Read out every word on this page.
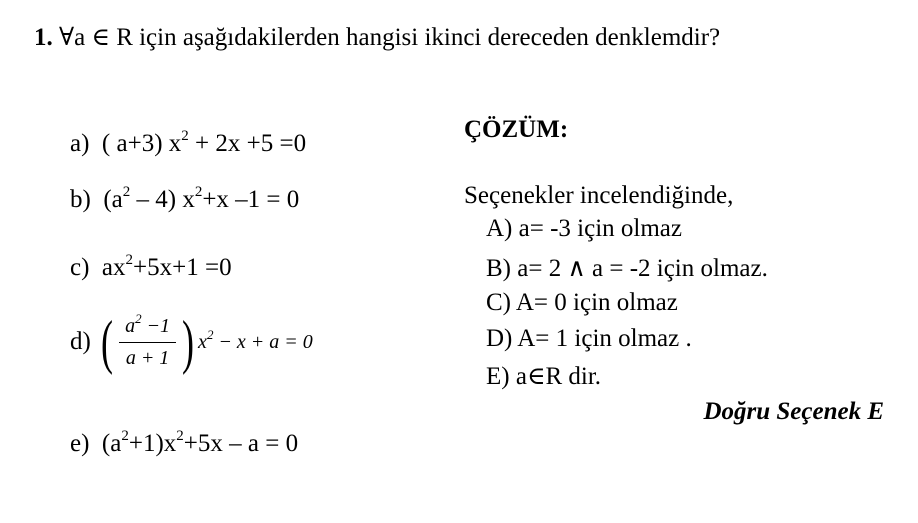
1. ∀a ∈ R için aşağıdakilerden hangisi ikinci dereceden denklemdir?
a) ( a+3) $x^2 + 2x +5 =0$
b) $(a^2 - 4)$ $x^2+x$ –1 = 0
c) $ax^2+5x+1 =0$
d)
( $\frac{a^2 -1}{a + 1}$ ) $x^2 - x + a = 0$
e) $(a^2+1)x^2+5x - a = 0$
ÇÖZÜM:
Seçenekler incelendiğinde,
A) a= -3 için olmaz
B) a= 2 ∧ a = -2 için olmaz.
C) A= 0 için olmaz
D) A= 1 için olmaz .
E) a∈R dir.
Doğru Seçenek E
